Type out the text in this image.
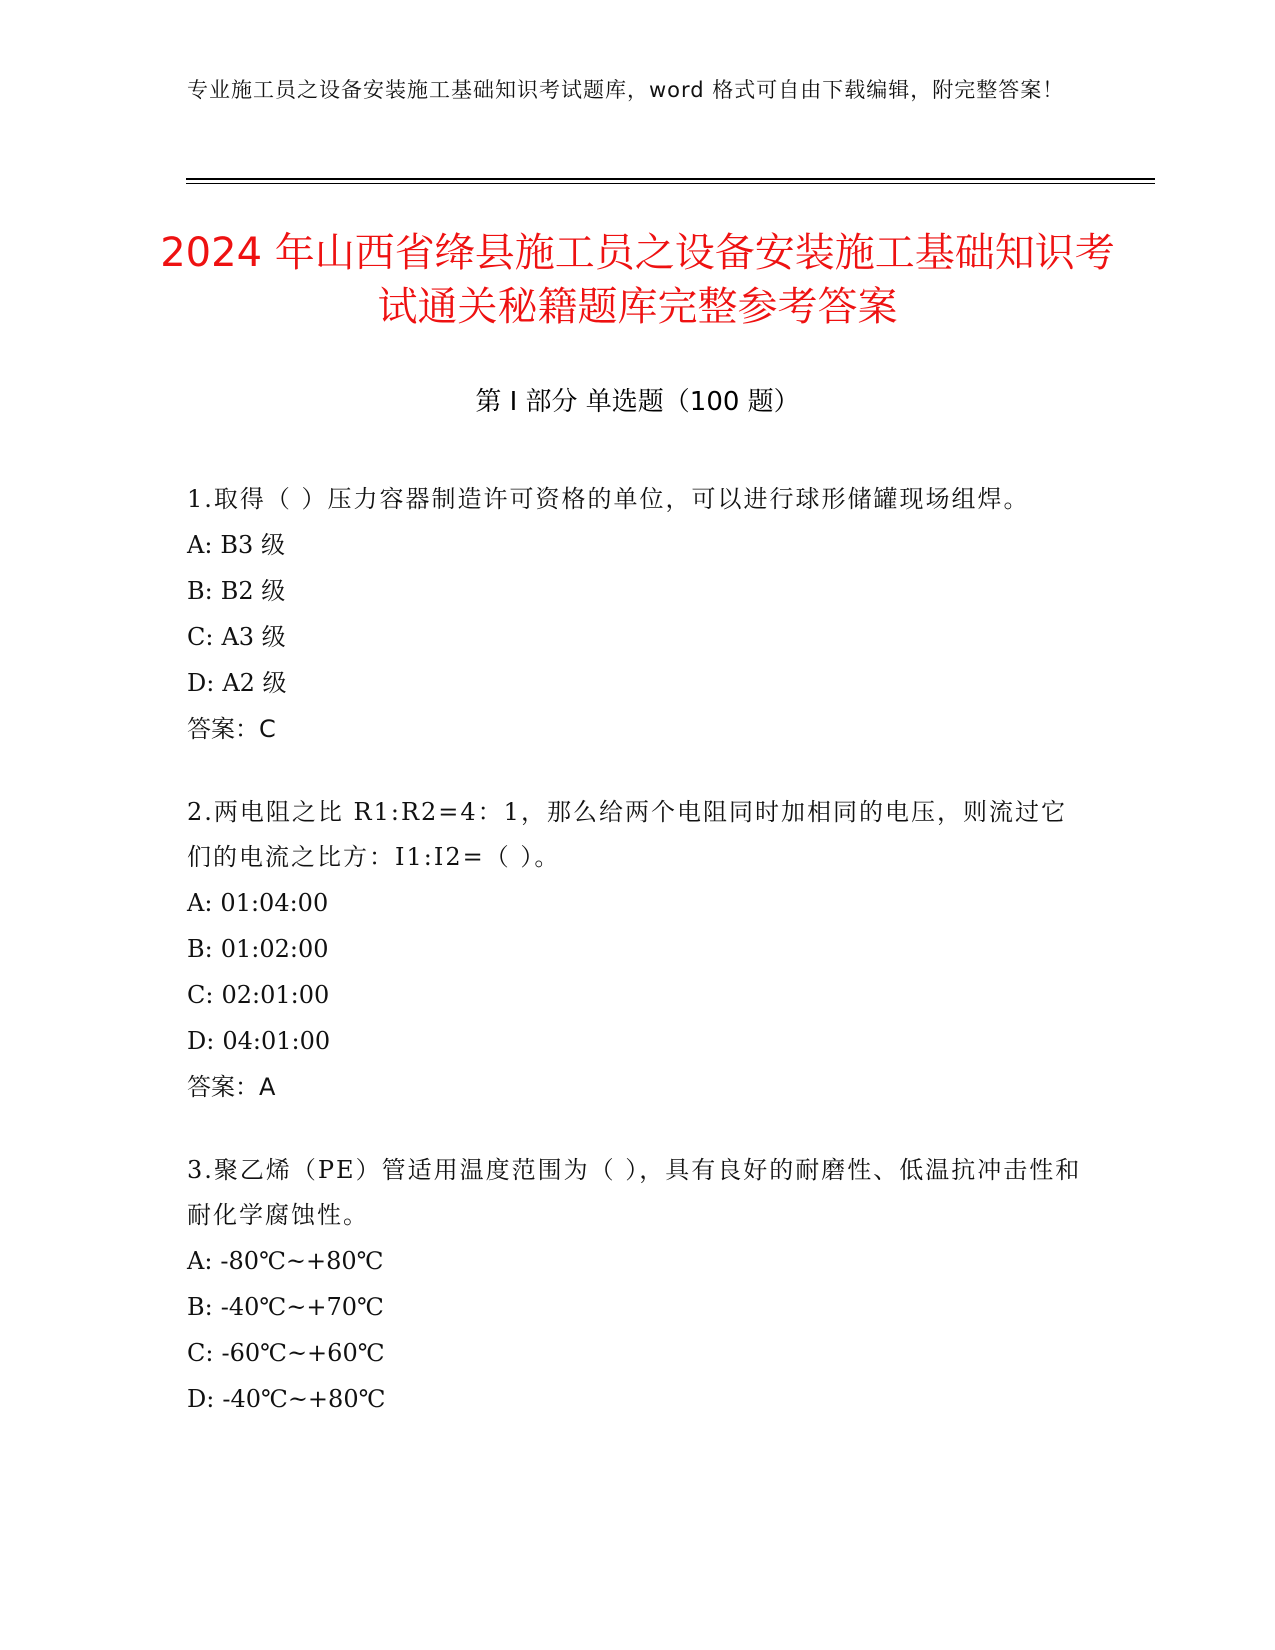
专业施工员之设备安装施工基础知识考试题库，word 格式可自由下载编辑，附完整答案！
2024 年山西省绛县施工员之设备安装施工基础知识考试通关秘籍题库完整参考答案
第 I 部分 单选题（100 题）
1.取得（ ）压力容器制造许可资格的单位，可以进行球形储罐现场组焊。
A: B3 级
B: B2 级
C: A3 级
D: A2 级
答案：C
2.两电阻之比 R1:R2=4：1，那么给两个电阻同时加相同的电压，则流过它们的电流之比方：I1:I2=（ ）。
A: 01:04:00
B: 01:02:00
C: 02:01:00
D: 04:01:00
答案：A
3.聚乙烯（PE）管适用温度范围为（ ），具有良好的耐磨性、低温抗冲击性和耐化学腐蚀性。
A: -80℃~+80℃
B: -40℃~+70℃
C: -60℃~+60℃
D: -40℃~+80℃
